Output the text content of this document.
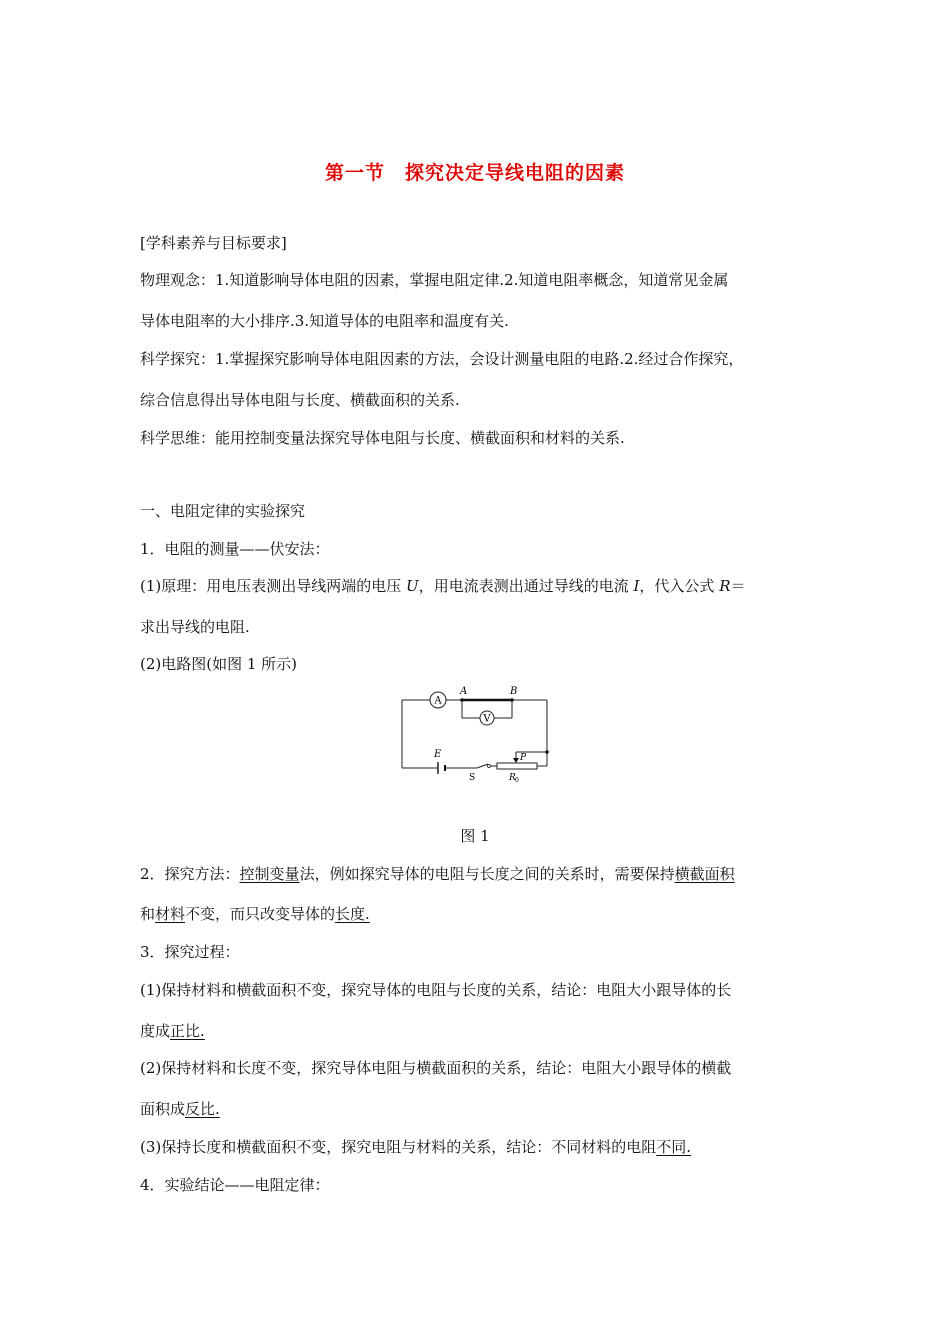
第一节　探究决定导线电阻的因素
[学科素养与目标要求]
物理观念：1.知道影响导体电阻的因素，掌握电阻定律.2.知道电阻率概念，知道常见金属
导体电阻率的大小排序.3.知道导体的电阻率和温度有关.
科学探究：1.掌握探究影响导体电阻因素的方法，会设计测量电阻的电路.2.经过合作探究，
综合信息得出导体电阻与长度、横截面积的关系.
科学思维：能用控制变量法探究导体电阻与长度、横截面积和材料的关系.
一、电阻定律的实验探究
1．电阻的测量——伏安法：
(1)原理：用电压表测出导线两端的电压 U，用电流表测出通过导线的电流 I，代入公式 R＝
求出导线的电阻.
(2)电路图(如图 1 所示)
A
V
A	B
E
S
P
R 0
图 1
2．探究方法：控制变量法，例如探究导体的电阻与长度之间的关系时，需要保持横截面积
和材料不变，而只改变导体的长度.
3．探究过程：
(1)保持材料和横截面积不变，探究导体的电阻与长度的关系，结论：电阻大小跟导体的长
度成正比.
(2)保持材料和长度不变，探究导体电阻与横截面积的关系，结论：电阻大小跟导体的横截
面积成反比.
(3)保持长度和横截面积不变，探究电阻与材料的关系，结论：不同材料的电阻不同.
4．实验结论——电阻定律：
